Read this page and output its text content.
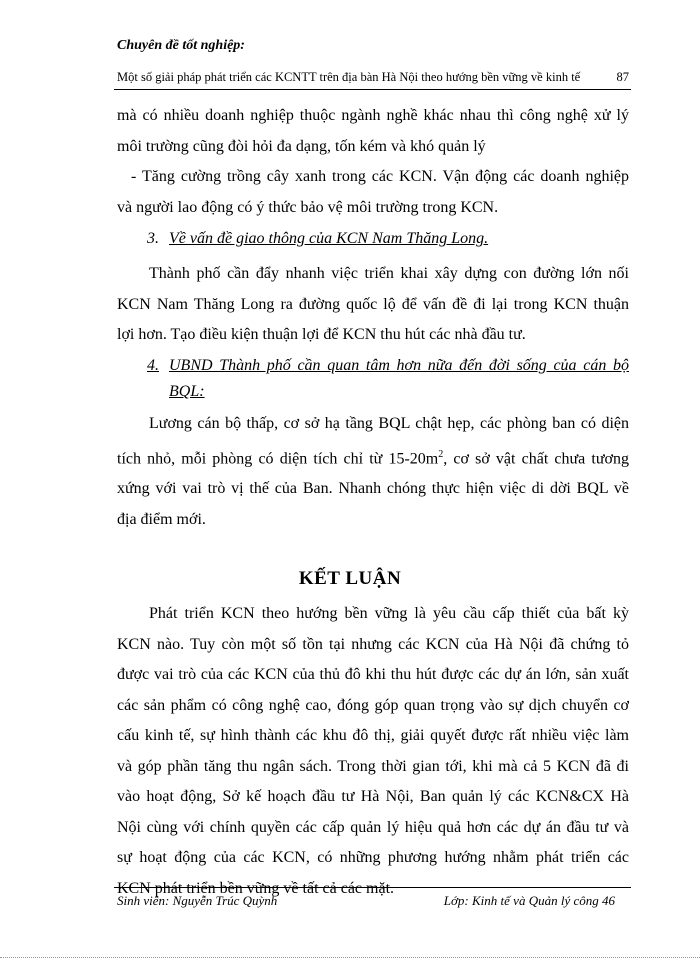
Chuyên đề tốt nghiệp:
Một số giải pháp phát triển các KCNTT trên địa bàn Hà Nội theo hướng bền vững về kinh tế	87
mà có nhiều doanh nghiệp thuộc ngành nghề khác nhau thì công nghệ xử lý
môi trường cũng đòi hỏi đa dạng, tốn kém và khó quản lý
- Tăng cường trồng cây xanh trong các KCN. Vận động các doanh nghiệp
và người lao động có ý thức bảo vệ môi trường trong KCN.
3. Về vấn đề giao thông của KCN Nam Thăng Long.
Thành phố cần đẩy nhanh việc triển khai xây dựng con đường lớn nối
KCN Nam Thăng Long ra đường quốc lộ để vấn đề đi lại trong KCN thuận
lợi hơn. Tạo điều kiện thuận lợi để KCN thu hút các nhà đầu tư.
4. UBND Thành phố cần quan tâm hơn nữa đến đời sống của cán bộ
BQL:
Lương cán bộ thấp, cơ sở hạ tầng BQL chật hẹp, các phòng ban có diện
tích nhỏ, mỗi phòng có diện tích chỉ từ $15-20m^2$, cơ sở vật chất chưa tương
xứng với vai trò vị thế của Ban. Nhanh chóng thực hiện việc di dời BQL về
địa điểm mới.
KẾT LUẬN
Phát triển KCN theo hướng bền vững là yêu cầu cấp thiết của bất kỳ
KCN nào. Tuy còn một số tồn tại nhưng các KCN của Hà Nội đã chứng tỏ
được vai trò của các KCN của thủ đô khi thu hút được các dự án lớn, sản xuất
các sản phẩm có công nghệ cao, đóng góp quan trọng vào sự dịch chuyển cơ
cấu kinh tế, sự hình thành các khu đô thị, giải quyết được rất nhiều việc làm
và góp phần tăng thu ngân sách. Trong thời gian tới, khi mà cả 5 KCN đã đi
vào hoạt động, Sở kế hoạch đầu tư Hà Nội, Ban quản lý các KCN&CX Hà
Nội cùng với chính quyền các cấp quản lý hiệu quả hơn các dự án đầu tư và
sự hoạt động của các KCN, có những phương hướng nhằm phát triển các
KCN phát triển bền vững về tất cả các mặt.
Sinh viên: Nguyễn Trúc Quỳnh	Lớp: Kinh tế và Quản lý công 46
